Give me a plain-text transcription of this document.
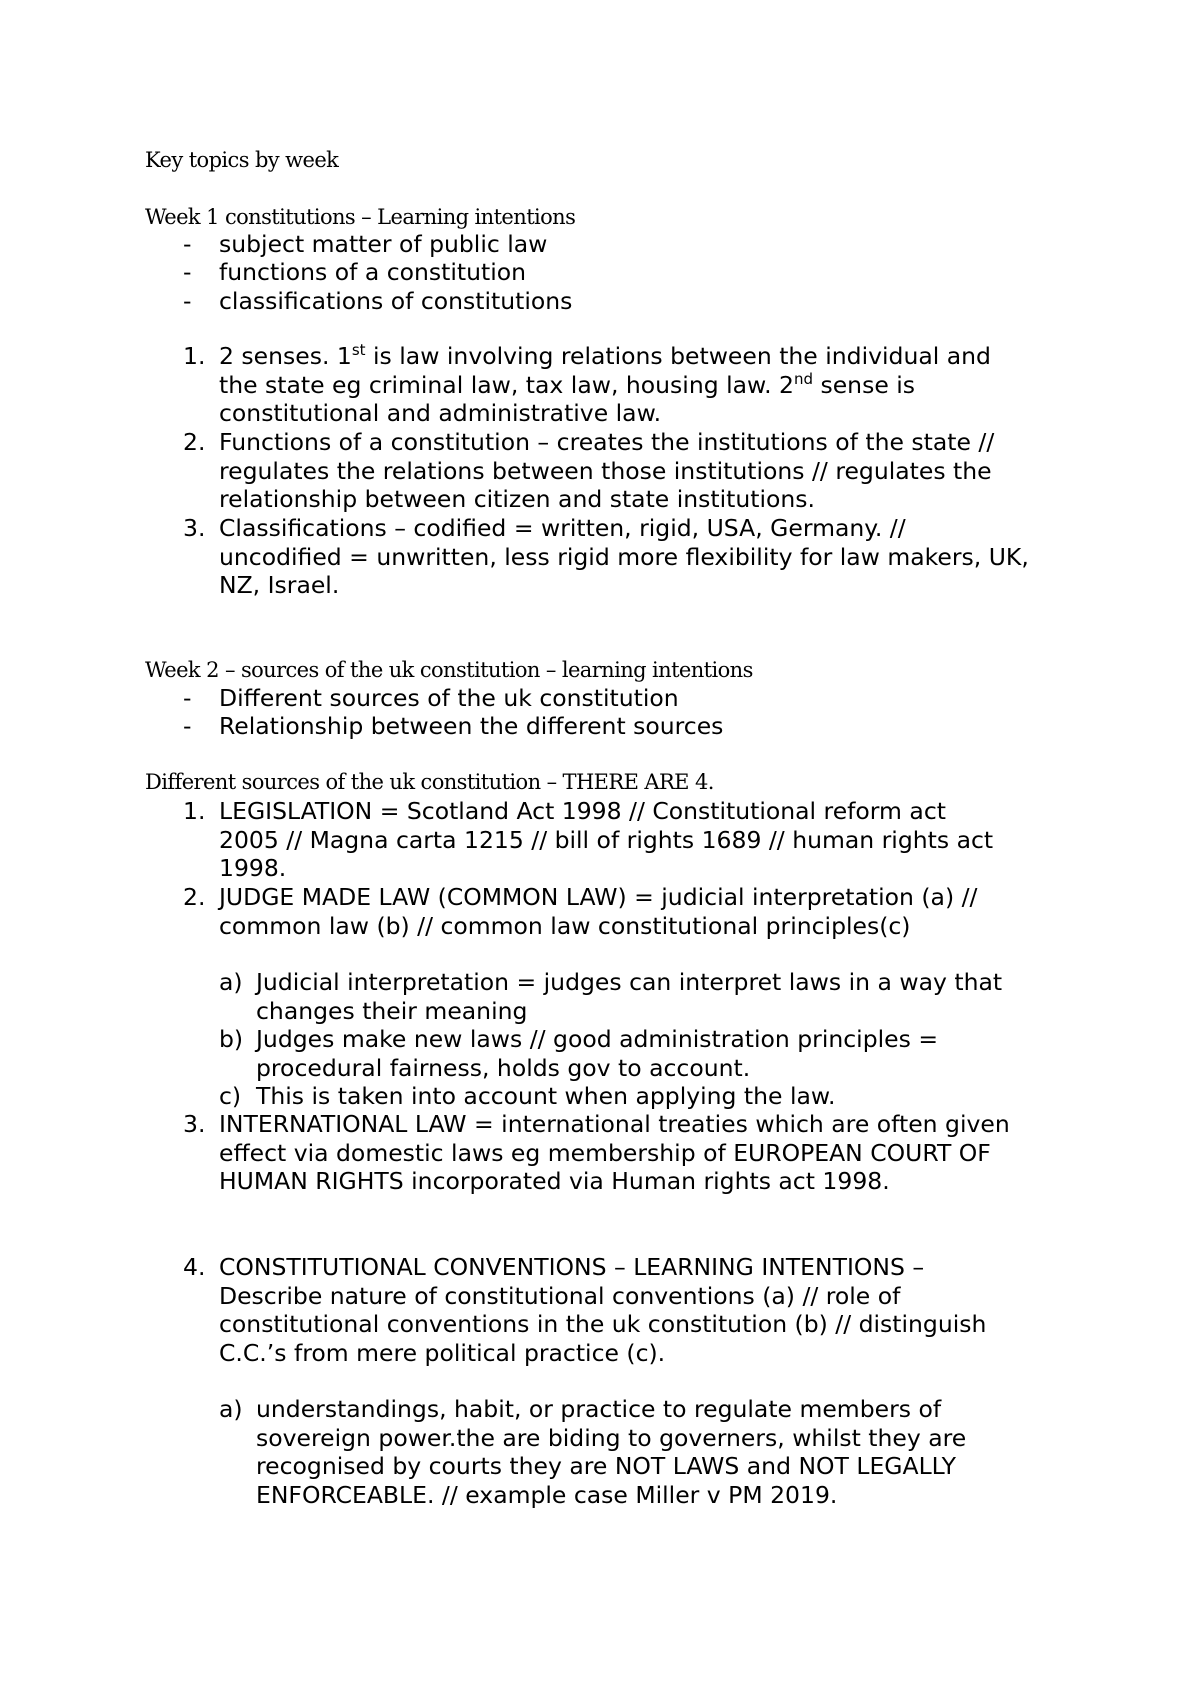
Key topics by week
Week 1 constitutions – Learning intentions
- subject matter of public law
- functions of a constitution
- classifications of constitutions
1. 2 senses. 1st is law involving relations between the individual and
the state eg criminal law, tax law, housing law. 2nd sense is
constitutional and administrative law.
2. Functions of a constitution – creates the institutions of the state //
regulates the relations between those institutions // regulates the
relationship between citizen and state institutions.
3. Classifications – codified = written, rigid, USA, Germany. //
uncodified = unwritten, less rigid more flexibility for law makers, UK,
NZ, Israel.
Week 2 – sources of the uk constitution – learning intentions
- Different sources of the uk constitution
- Relationship between the different sources
Different sources of the uk constitution – THERE ARE 4.
1. LEGISLATION = Scotland Act 1998 // Constitutional reform act
2005 // Magna carta 1215 // bill of rights 1689 // human rights act
1998.
2. JUDGE MADE LAW (COMMON LAW) = judicial interpretation (a) //
common law (b) // common law constitutional principles(c)
a) Judicial interpretation = judges can interpret laws in a way that
changes their meaning
b) Judges make new laws // good administration principles =
procedural fairness, holds gov to account.
c) This is taken into account when applying the law.
3. INTERNATIONAL LAW = international treaties which are often given
effect via domestic laws eg membership of EUROPEAN COURT OF
HUMAN RIGHTS incorporated via Human rights act 1998.
4. CONSTITUTIONAL CONVENTIONS – LEARNING INTENTIONS –
Describe nature of constitutional conventions (a) // role of
constitutional conventions in the uk constitution (b) // distinguish
C.C.’s from mere political practice (c).
a) understandings, habit, or practice to regulate members of
sovereign power.the are biding to governers, whilst they are
recognised by courts they are NOT LAWS and NOT LEGALLY
ENFORCEABLE. // example case Miller v PM 2019.
